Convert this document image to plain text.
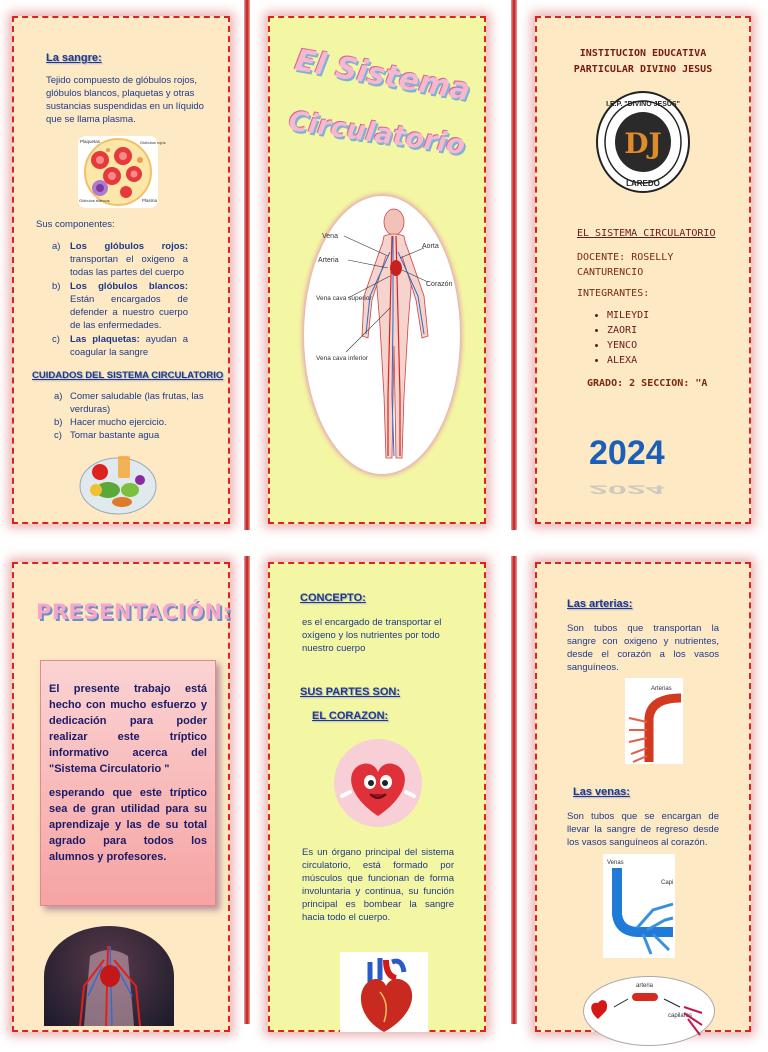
La sangre:
Tejido compuesto de glóbulos rojos, glóbulos blancos, plaquetas y otras sustancias suspendidas en un líquido que se llama plasma.
Plaquetas	Glóbulos rojos
Glóbulos blancos	Plasma
Sus componentes:
a) Los glóbulos rojos: transportan el oxigeno a todas las partes del cuerpo
b) Los glóbulos blancos: Están encargados de defender a nuestro cuerpo de las enfermedades.
c) Las plaquetas: ayudan a coagular la sangre
CUIDADOS DEL SISTEMA CIRCULATORIO
a) Comer saludable (las frutas, las verduras)
b) Hacer mucho ejercicio.
c) Tomar bastante agua
El Sistema
Circulatorio
Vena
Aorta
Arteria
Corazón
Vena cava superior
Vena cava inferior
INSTITUCION EDUCATIVA
PARTICULAR DIVINO JESUS
DJ
I.E.P. "DIVINO JESÚS"
LAREDO
EL SISTEMA CIRCULATORIO
DOCENTE: ROSELLY CANTURENCIO
INTEGRANTES:
• MILEYDI
• ZAORI
• YENCO
• ALEXA
GRADO: 2 SECCION: "A
2024
2024
PRESENTACIÓN:

El presente trabajo está hecho con mucho esfuerzo y dedicación para poder realizar este tríptico informativo acerca del "Sistema Circulatorio "

esperando que este tríptico sea de gran utilidad para su aprendizaje y las de su total agrado para todos los alumnos y profesores.

CONCEPTO:
es el encargado de transportar el oxígeno y los nutrientes por todo nuestro cuerpo
SUS PARTES SON:
EL CORAZON:
Es un órgano principal del sistema circulatorio, está formado por músculos que funcionan de forma involuntaria y continua, su función principal es bombear la sangre hacia todo el cuerpo.
Las arterias:
Son tubos que transportan la sangre con oxigeno y nutrientes, desde el corazón a los vasos sanguíneos.
Arterias
Las venas:
Son tubos que se encargan de llevar la sangre de regreso desde los vasos sanguíneos al corazón.
Venas
Capi
arteria
capilares
